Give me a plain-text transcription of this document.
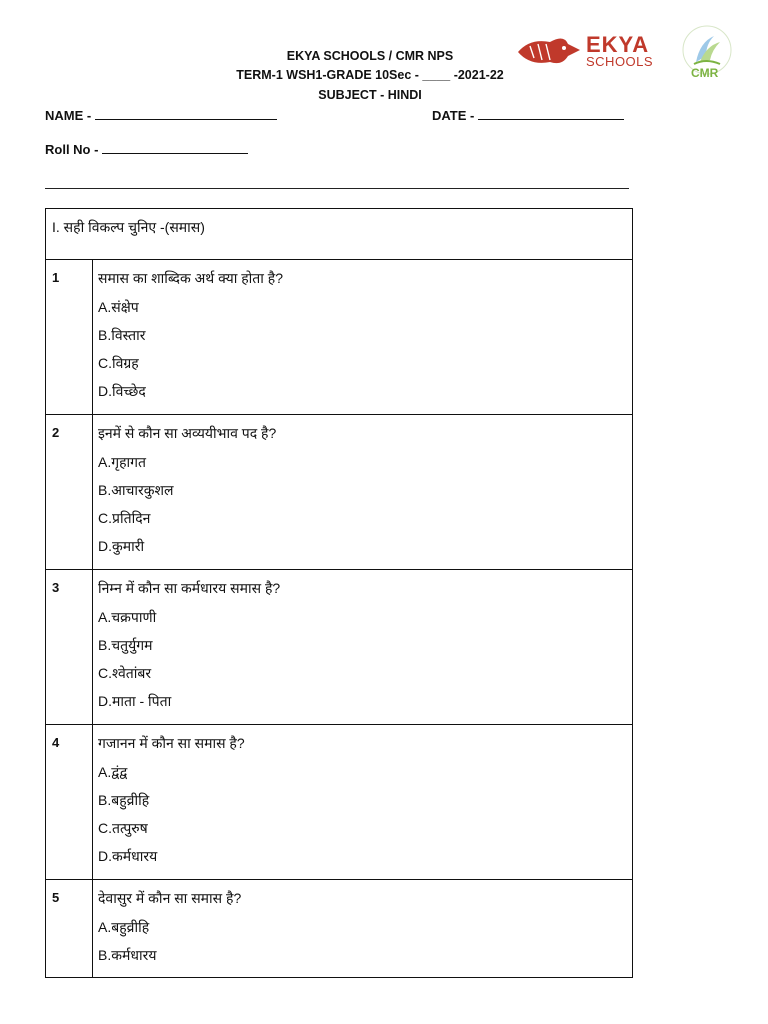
EKYA SCHOOLS / CMR NPS
TERM-1 WSH1-GRADE 10Sec - ____ -2021-22
SUBJECT - HINDI
EKYA
SCHOOLS
CMR
NAME -	DATE -
Roll No -
I. सही विकल्प चुनिए -(समास)	
1	समास का शाब्दिक अर्थ क्या होता है?
A.संक्षेप
B.विस्तार
C.विग्रह
D.विच्छेद

2	इनमें से कौन सा अव्ययीभाव पद है?
A.गृहागत
B.आचारकुशल
C.प्रतिदिन
D.कुमारी

3	निम्न में कौन सा कर्मधारय समास है?
A.चक्रपाणी
B.चतुर्युगम
C.श्वेतांबर
D.माता - पिता

4	गजानन में कौन सा समास है?
A.द्वंद्व
B.बहुव्रीहि
C.तत्पुरुष
D.कर्मधारय

5	देवासुर में कौन सा समास है?
A.बहुव्रीहि
B.कर्मधारय
